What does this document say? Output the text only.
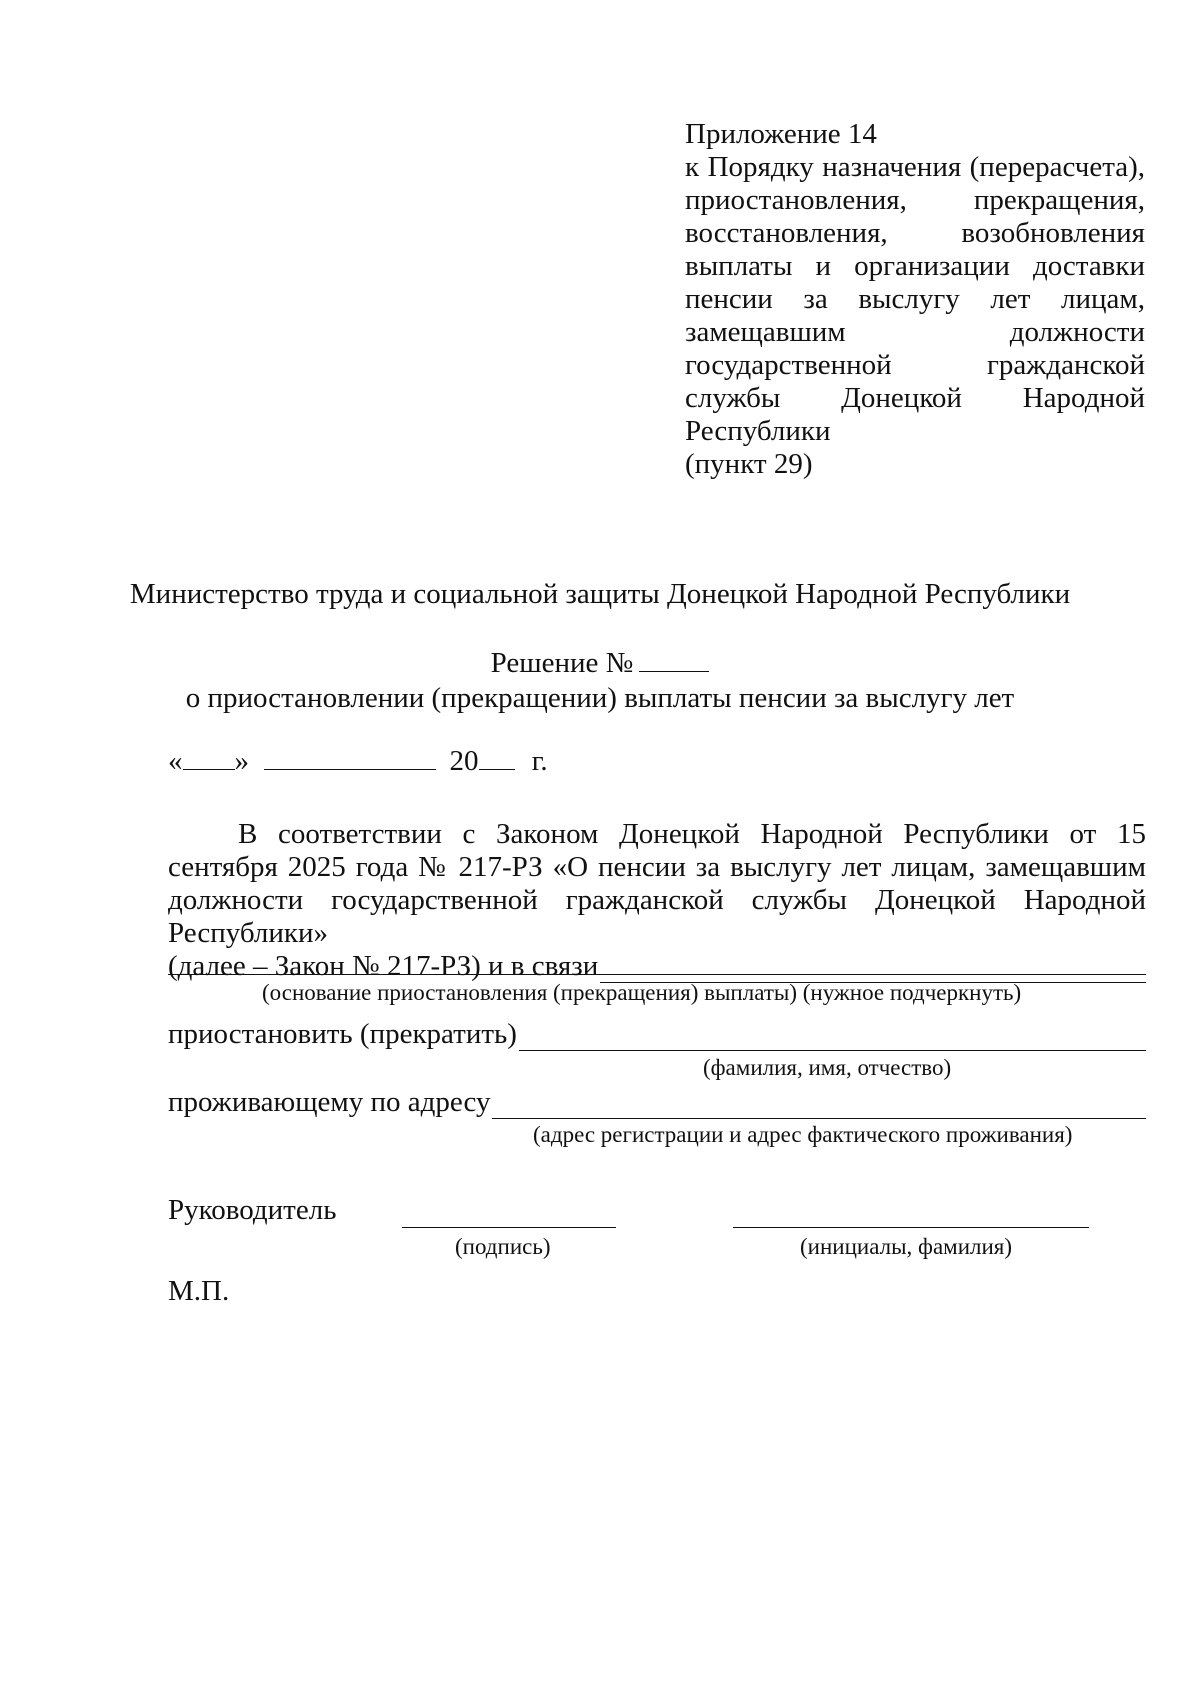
Приложение 14
к Порядку назначения (перерасчета),
приостановления, прекращения,
восстановления, возобновления
выплаты и организации доставки
пенсии за выслугу лет лицам,
замещавшим должности
государственной гражданской
службы Донецкой Народной
Республики
(пункт 29)
Министерство труда и социальной защиты Донецкой Народной Республики
Решение №
о приостановлении (прекращении) выплаты пенсии за выслугу лет
« »	20 г.
В соответствии с Законом Донецкой Народной Республики от 15 сентября 2025 года № 217-РЗ «О пенсии за выслугу лет лицам, замещавшим должности государственной гражданской службы Донецкой Народной Республики»
(далее – Закон № 217-РЗ) и в связи
(основание приостановления (прекращения) выплаты) (нужное подчеркнуть)
приостановить (прекратить)
(фамилия, имя, отчество)
проживающему по адресу
(адрес регистрации и адрес фактического проживания)
Руководитель
(подпись)	(инициалы, фамилия)
М.П.
